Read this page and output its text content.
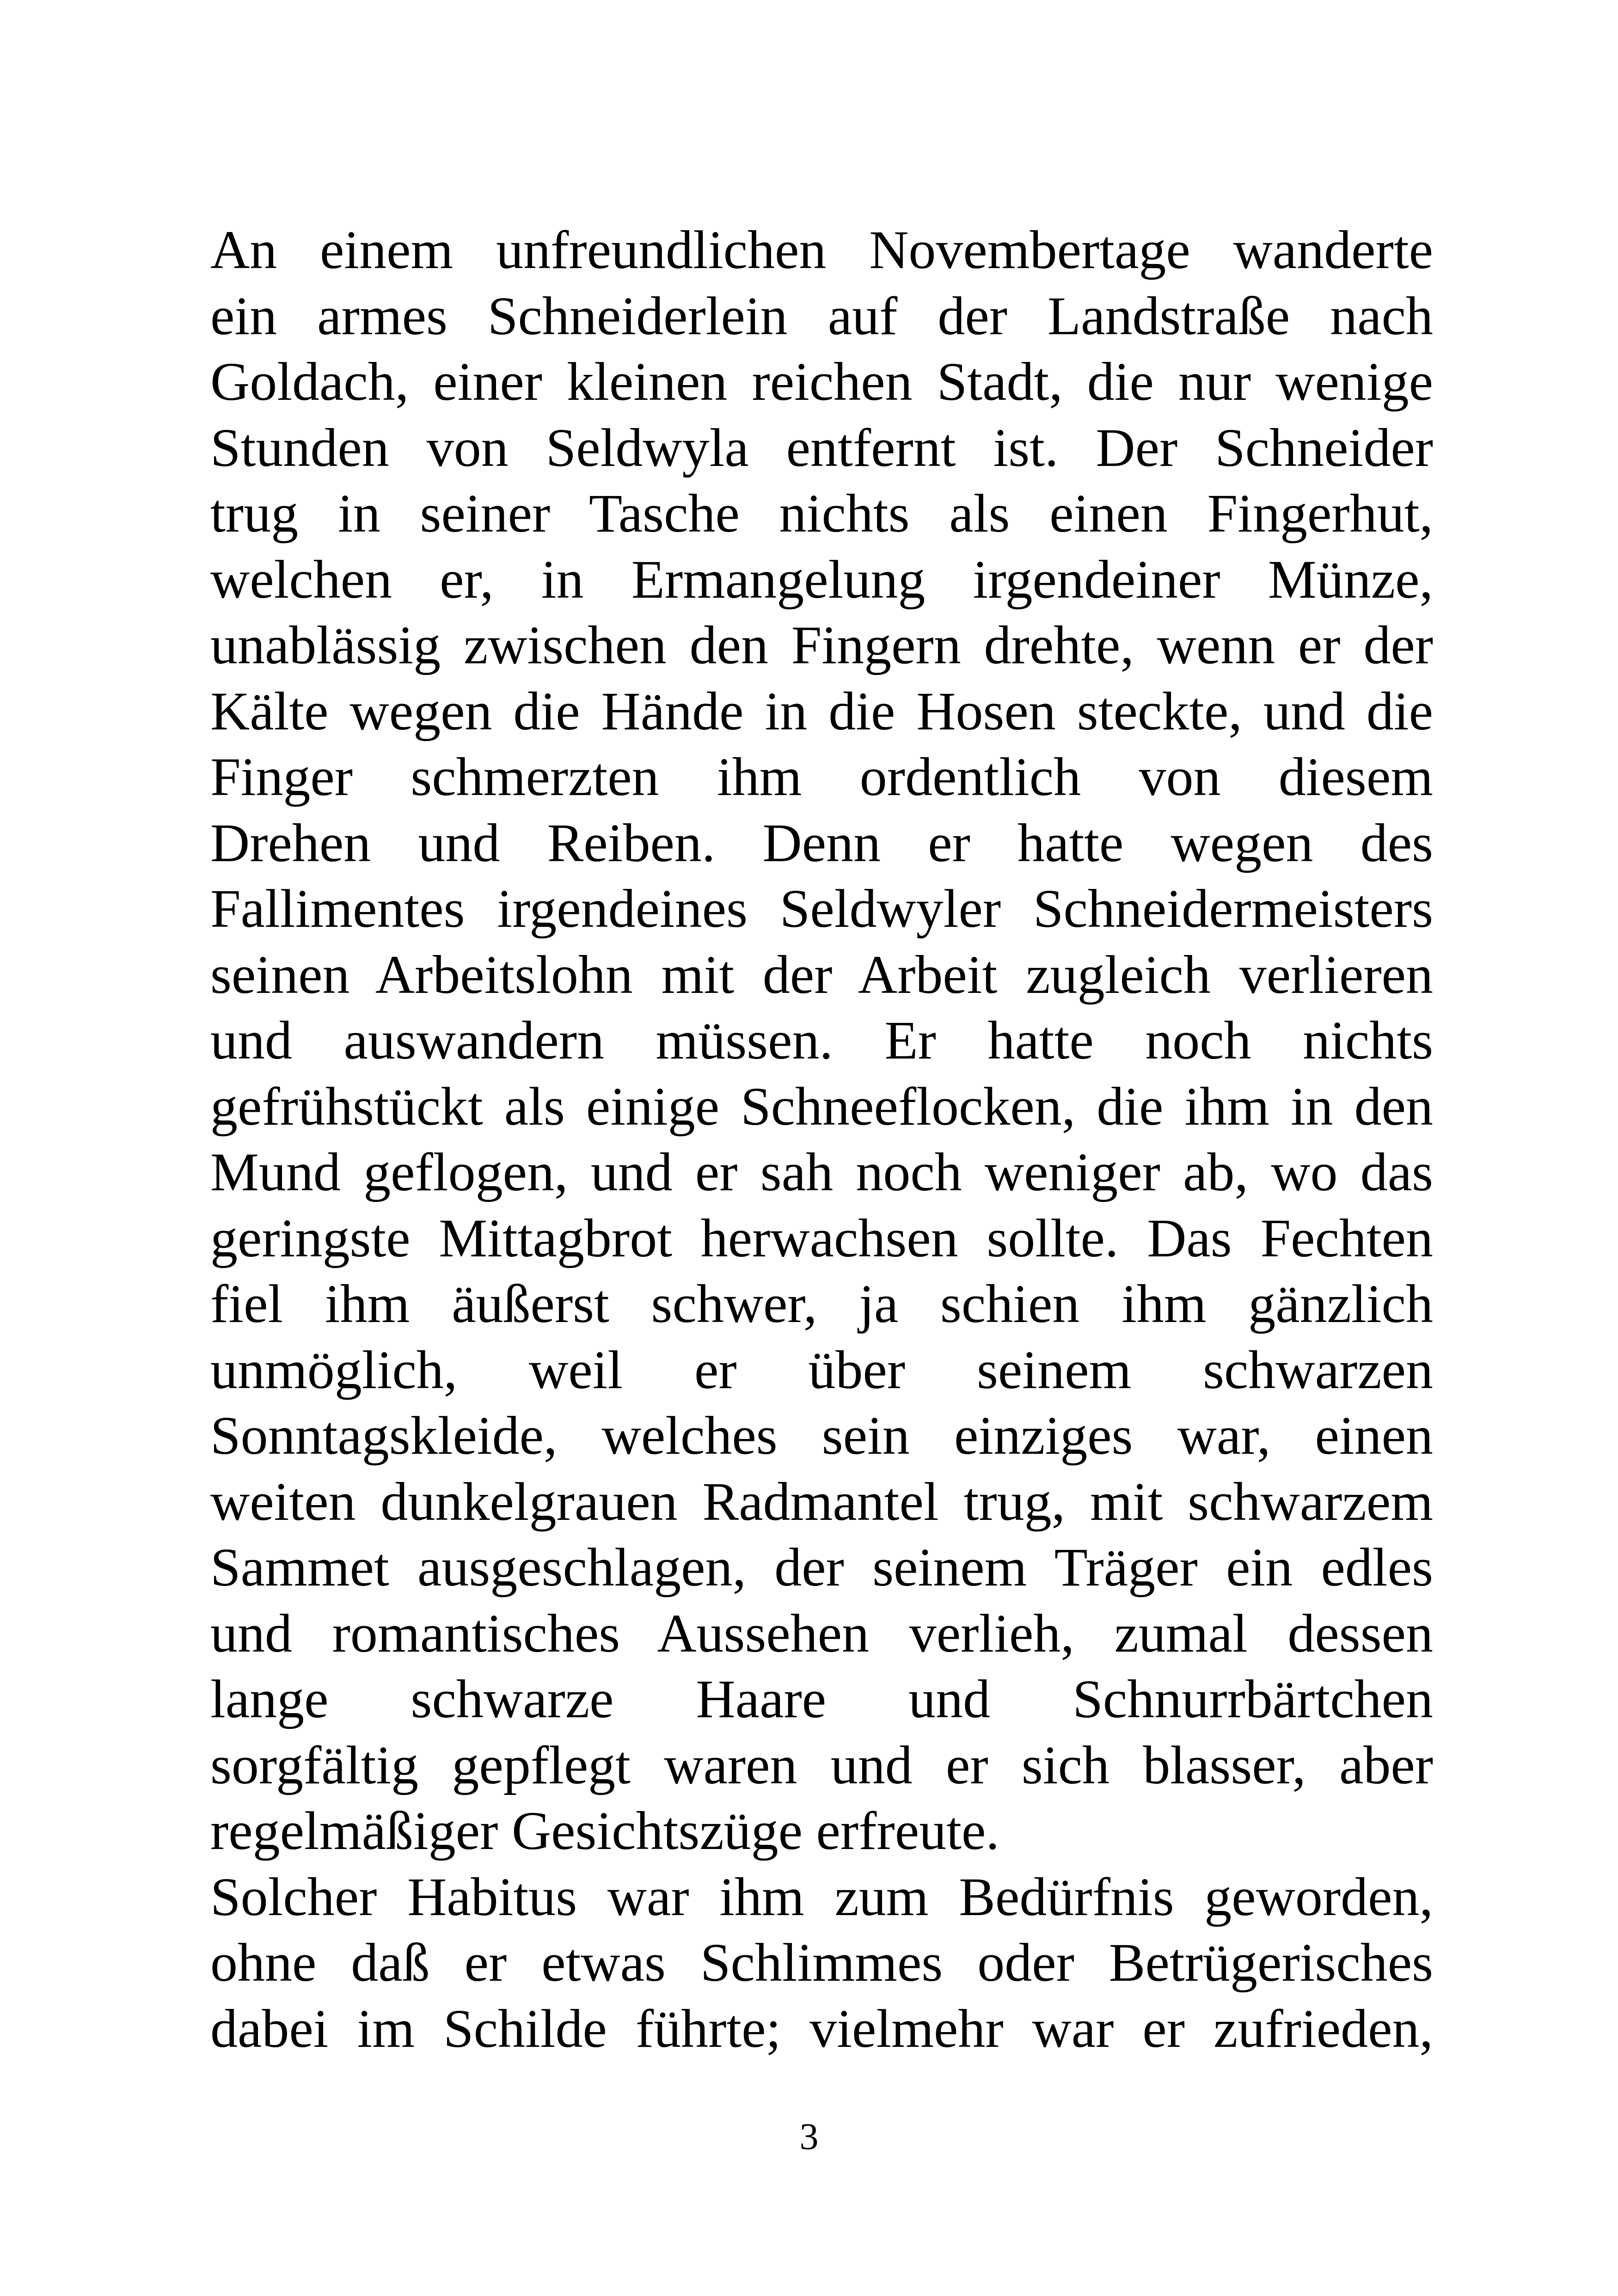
An einem unfreundlichen Novembertage wanderte
ein armes Schneiderlein auf der Landstraße nach
Goldach, einer kleinen reichen Stadt, die nur wenige
Stunden von Seldwyla entfernt ist. Der Schneider
trug in seiner Tasche nichts als einen Fingerhut,
welchen er, in Ermangelung irgendeiner Münze,
unablässig zwischen den Fingern drehte, wenn er der
Kälte wegen die Hände in die Hosen steckte, und die
Finger schmerzten ihm ordentlich von diesem
Drehen und Reiben. Denn er hatte wegen des
Fallimentes irgendeines Seldwyler Schneidermeisters
seinen Arbeitslohn mit der Arbeit zugleich verlieren
und auswandern müssen. Er hatte noch nichts
gefrühstückt als einige Schneeflocken, die ihm in den
Mund geflogen, und er sah noch weniger ab, wo das
geringste Mittagbrot herwachsen sollte. Das Fechten
fiel ihm äußerst schwer, ja schien ihm gänzlich
unmöglich, weil er über seinem schwarzen
Sonntagskleide, welches sein einziges war, einen
weiten dunkelgrauen Radmantel trug, mit schwarzem
Sammet ausgeschlagen, der seinem Träger ein edles
und romantisches Aussehen verlieh, zumal dessen
lange schwarze Haare und Schnurrbärtchen
sorgfältig gepflegt waren und er sich blasser, aber
regelmäßiger Gesichtszüge erfreute.
Solcher Habitus war ihm zum Bedürfnis geworden,
ohne daß er etwas Schlimmes oder Betrügerisches
dabei im Schilde führte; vielmehr war er zufrieden,
3
